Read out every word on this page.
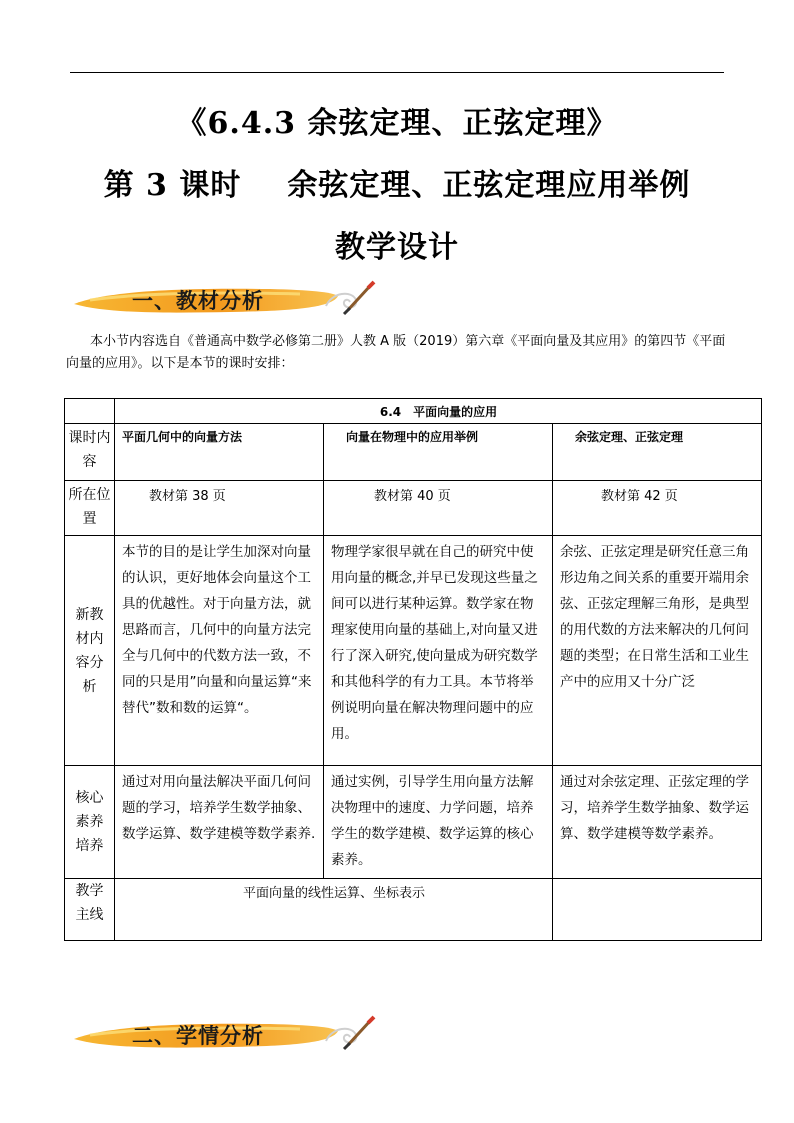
《6.4.3 余弦定理、正弦定理》
第 3 课时 余弦定理、正弦定理应用举例
教学设计
一、教材分析
本小节内容选自《普通高中数学必修第二册》人教 A 版（2019）第六章《平面向量及其应用》的第四节《平面向量的应用》。以下是本节的课时安排：
	6.4　平面向量的应用		
课时内容	平面几何中的向量方法	向量在物理中的应用举例	余弦定理、正弦定理
所在位置	教材第 38 页	教材第 40 页	教材第 42 页
新教材内容分析	本节的目的是让学生加深对向量的认识，更好地体会向量这个工具的优越性。对于向量方法，就思路而言，几何中的向量方法完全与几何中的代数方法一致，不同的只是用”向量和向量运算“来替代”数和数的运算“。	物理学家很早就在自己的研究中使用向量的概念,并早已发现这些量之间可以进行某种运算。数学家在物理家使用向量的基础上,对向量又进行了深入研究,使向量成为研究数学和其他科学的有力工具。本节将举例说明向量在解决物理问题中的应用。	余弦、正弦定理是研究任意三角形边角之间关系的重要开端用余弦、正弦定理解三角形，是典型的用代数的方法来解决的几何问题的类型；在日常生活和工业生产中的应用又十分广泛
核心素养培养	通过对用向量法解决平面几何问题的学习，培养学生数学抽象、数学运算、数学建模等数学素养.	通过实例，引导学生用向量方法解决物理中的速度、力学问题，培养学生的数学建模、数学运算的核心素养。	通过对余弦定理、正弦定理的学习，培养学生数学抽象、数学运算、数学建模等数学素养。
教学主线	平面向量的线性运算、坐标表示		
二、学情分析
